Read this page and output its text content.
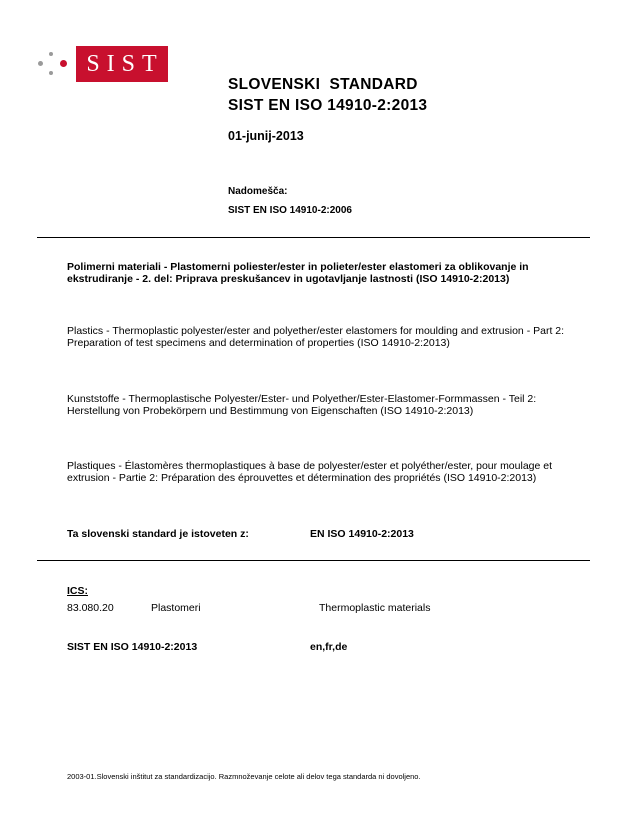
SIST
SLOVENSKI  STANDARD
SIST EN ISO 14910-2:2013
01-junij-2013
Nadomešča:
SIST EN ISO 14910-2:2006
Polimerni materiali - Plastomerni poliester/ester in polieter/ester elastomeri za oblikovanje in ekstrudiranje - 2. del: Priprava preskušancev in ugotavljanje lastnosti (ISO 14910-2:2013)
Plastics - Thermoplastic polyester/ester and polyether/ester elastomers for moulding and extrusion - Part 2: Preparation of test specimens and determination of properties (ISO 14910-2:2013)
Kunststoffe - Thermoplastische Polyester/Ester- und Polyether/Ester-Elastomer-Formmassen - Teil 2: Herstellung von Probekörpern und Bestimmung von Eigenschaften (ISO 14910-2:2013)
Plastiques - Élastomères thermoplastiques à base de polyester/ester et polyéther/ester, pour moulage et extrusion - Partie 2: Préparation des éprouvettes et détermination des propriétés (ISO 14910-2:2013)
Ta slovenski standard je istoveten z:	EN ISO 14910-2:2013
ICS:
83.080.20	Plastomeri	Thermoplastic materials
SIST EN ISO 14910-2:2013	en,fr,de
2003-01.Slovenski inštitut za standardizacijo. Razmnoževanje celote ali delov tega standarda ni dovoljeno.
